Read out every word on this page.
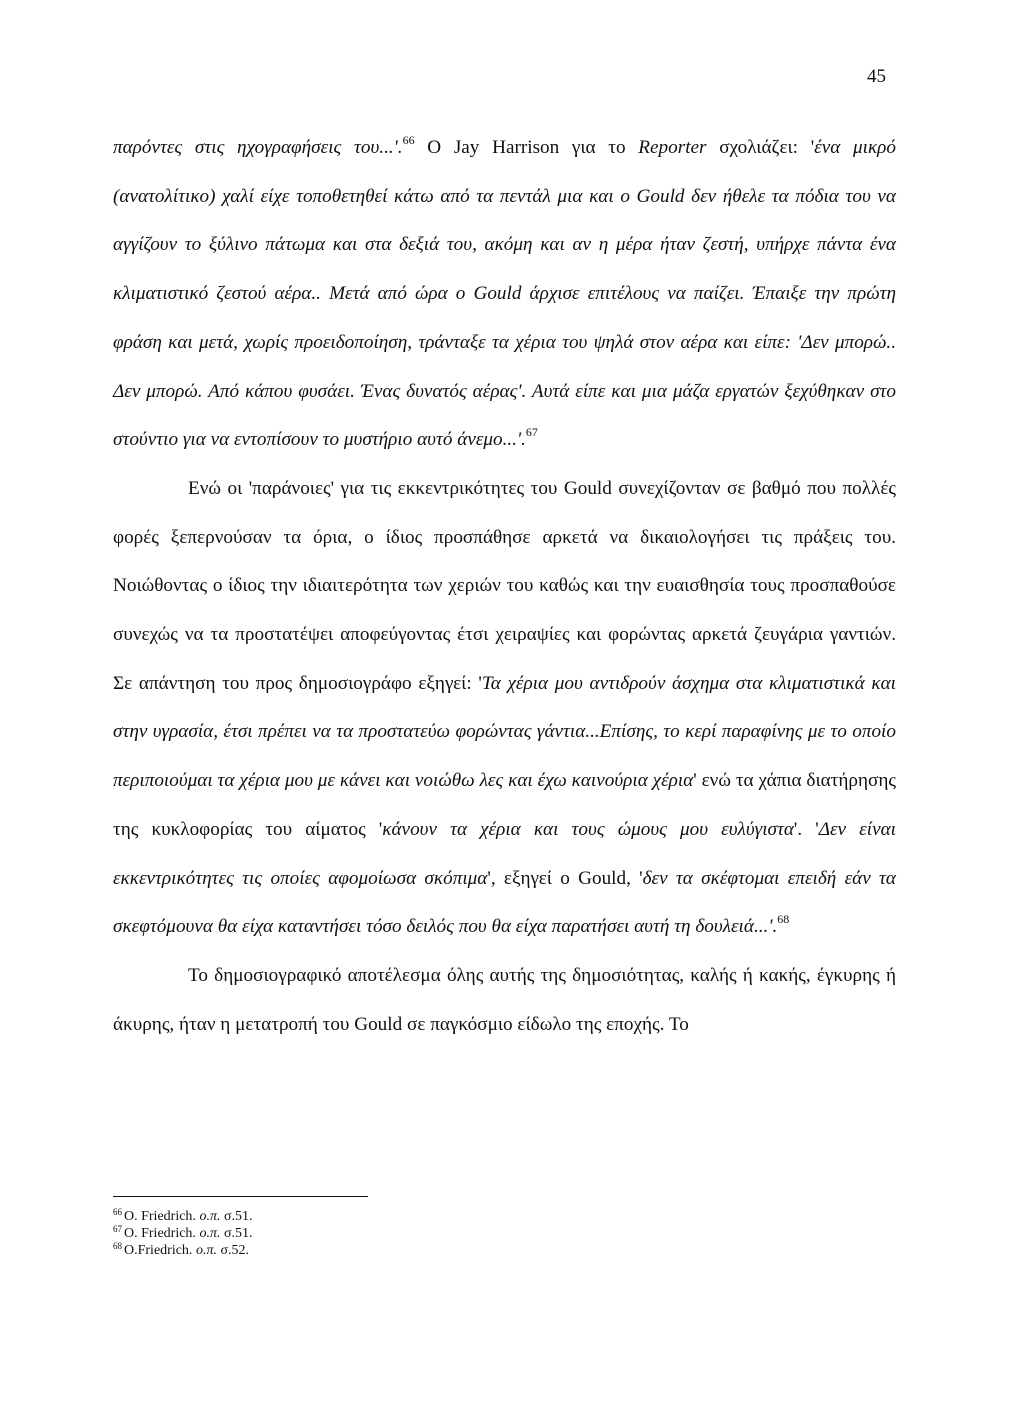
45

παρόντες στις ηχογραφήσεις του...'.$^{66}$ Ο Jay Harrison για το Reporter σχολιάζει: 'ένα μικρό (ανατολίτικο) χαλί είχε τοποθετηθεί κάτω από τα πεντάλ μια και ο Gould δεν ήθελε τα πόδια του να αγγίζουν το ξύλινο πάτωμα και στα δεξιά του, ακόμη και αν η μέρα ήταν ζεστή, υπήρχε πάντα ένα κλιματιστικό ζεστού αέρα.. Μετά από ώρα ο Gould άρχισε επιτέλους να παίζει. Έπαιξε την πρώτη φράση και μετά, χωρίς προειδοποίηση, τράνταξε τα χέρια του ψηλά στον αέρα και είπε: 'Δεν μπορώ.. Δεν μπορώ. Από κάπου φυσάει. Ένας δυνατός αέρας'. Αυτά είπε και μια μάζα εργατών ξεχύθηκαν στο στούντιο για να εντοπίσουν το μυστήριο αυτό άνεμο...'.$^{67}$

Ενώ οι 'παράνοιες' για τις εκκεντρικότητες του Gould συνεχίζονταν σε βαθμό που πολλές φορές ξεπερνούσαν τα όρια, ο ίδιος προσπάθησε αρκετά να δικαιολογήσει τις πράξεις του. Νοιώθοντας ο ίδιος την ιδιαιτερότητα των χεριών του καθώς και την ευαισθησία τους προσπαθούσε συνεχώς να τα προστατέψει αποφεύγοντας έτσι χειραψίες και φορώντας αρκετά ζευγάρια γαντιών. Σε απάντηση του προς δημοσιογράφο εξηγεί: 'Τα χέρια μου αντιδρούν άσχημα στα κλιματιστικά και στην υγρασία, έτσι πρέπει να τα προστατεύω φορώντας γάντια...Επίσης, το κερί παραφίνης με το οποίο περιποιούμαι τα χέρια μου με κάνει και νοιώθω λες και έχω καινούρια χέρια' ενώ τα χάπια διατήρησης της κυκλοφορίας του αίματος 'κάνουν τα χέρια και τους ώμους μου ευλύγιστα'. 'Δεν είναι εκκεντρικότητες τις οποίες αφομοίωσα σκόπιμα', εξηγεί ο Gould, 'δεν τα σκέφτομαι επειδή εάν τα σκεφτόμουνα θα είχα καταντήσει τόσο δειλός που θα είχα παρατήσει αυτή τη δουλειά...'.$^{68}$

Το δημοσιογραφικό αποτέλεσμα όλης αυτής της δημοσιότητας, καλής ή κακής, έγκυρης ή άκυρης, ήταν η μετατροπή του Gould σε παγκόσμιο είδωλο της εποχής. Το

$^{66}$ O. Friedrich. ο.π. σ.51.
$^{67}$ O. Friedrich. ο.π. σ.51.
$^{68}$ O.Friedrich. ο.π. σ.52.
